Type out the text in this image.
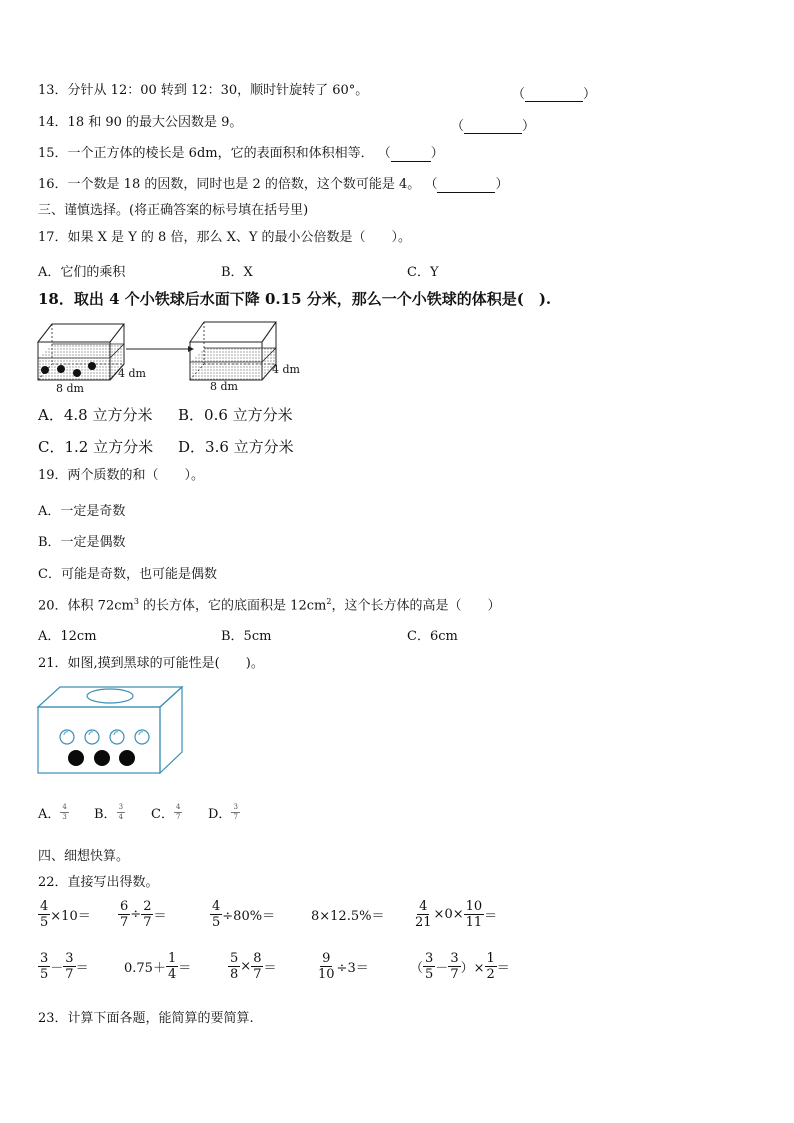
13．分针从 12：00 转到 12：30，顺时针旋转了 60°。	（	）
14．18 和 90 的最大公因数是 9。	（	）
15．一个正方体的棱长是 6dm，它的表面积和体积相等． （	）
16．一个数是 18 的因数，同时也是 2 的倍数，这个数可能是 4。 （	）
三、谨慎选择。(将正确答案的标号填在括号里)
17．如果 X 是 Y 的 8 倍，那么 X、Y 的最小公倍数是（　　）。
A．它们的乘积	B．X	C．Y
18．取出 4 个小铁球后水面下降 0.15 分米，那么一个小铁球的体积是(　).
4 dm
8 dm
4 dm
8 dm
A．4.8 立方分米 B．0.6 立方分米
C．1.2 立方分米 D．3.6 立方分米
19．两个质数的和（　　）。
A．一定是奇数
B．一定是偶数
C．可能是奇数，也可能是偶数
20．体积 $72cm^3$ 的长方体，它的底面积是 $12cm^2$，这个长方体的高是（　　）
A．12cm	B．5cm	C．6cm
21．如图,摸到黑球的可能性是(　　)。
A． $\frac{4}{3}$ B． $\frac{3}{4}$ C． $\frac{4}{7}$ D． $\frac{3}{7}$
四、细想快算。
22．直接写出得数。
$\frac{4}{5} \times 10= \frac{6}{7} \div \frac{2}{7}$ ＝	$\frac{4}{5} \div 80\%=$	$8\times 12.5\%= \frac{4}{21} \times 0\times \frac{10}{11}$ ＝
$\frac{3}{5} - \frac{3}{7}$ ＝	$0.75+ \frac{1}{4}$ ＝	$\frac{5}{8} \times \frac{8}{7}$ ＝	$\frac{9}{10} \div 3=$	（ $\frac{3}{5} - \frac{3}{7}$ ）× $\frac{1}{2}$ ＝
23．计算下面各题，能简算的要简算.
